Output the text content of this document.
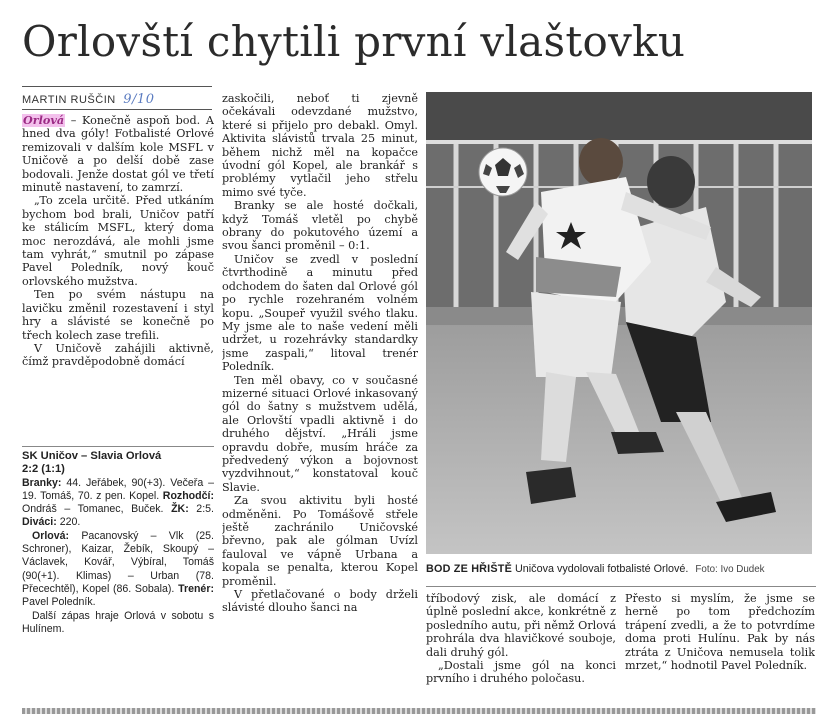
Orlovští chytili první vlaštovku
MARTIN RUŠČIN 9/10

Orlová – Konečně aspoň bod. A hned dva góly! Fotbalisté Orlové remizovali v dalším kole MSFL v Uničově a po delší době zase bodovali. Jenže dostat gól ve třetí minutě nastavení, to zamrzí.

„To zcela určitě. Před utkáním bychom bod brali, Uničov patří ke stálicím MSFL, který doma moc nerozdává, ale mohli jsme tam vyhrát,“ smutnil po zápase Pavel Poledník, nový kouč orlovského mužstva.

Ten po svém nástupu na lavičku změnil rozestavení i styl hry a slávisté se konečně po třech kolech zase trefili.

V Uničově zahájili aktivně, čímž pravděpodobně domácí

SK Uničov – Slavia Orlová
2:2 (1:1)

Branky: 44. Jeřábek, 90(+3). Večeřa – 19. Tomáš, 70. z pen. Kopel. Rozhodčí: Ondráš – Tomanec, Buček. ŽK: 2:5. Diváci: 220.

Orlová: Pacanovský – Vlk (25. Schroner), Kaizar, Žebík, Skoupý – Václavek, Kovář, Výbíral, Tomáš (90(+1). Klimas) – Urban (78. Přecechtěl), Kopel (86. Sobala). Trenér: Pavel Poledník.

Další zápas hraje Orlová v sobotu s Hulínem.

zaskočili, neboť ti zjevně očekávali odevzdané mužstvo, které si přijelo pro debakl. Omyl. Aktivita slávistů trvala 25 minut, během nichž měl na kopačce úvodní gól Kopel, ale brankář s problémy vytlačil jeho střelu mimo své tyče.

Branky se ale hosté dočkali, když Tomáš vletěl po chybě obrany do pokutového území a svou šanci proměnil – 0:1.

Uničov se zvedl v poslední čtvrthodině a minutu před odchodem do šaten dal Orlové gól po rychle rozehraném volném kopu. „Soupeř využil svého tlaku. My jsme ale to naše vedení měli udržet, u rozehrávky standardky jsme zaspali,“ litoval trenér Poledník.

Ten měl obavy, co v současné mizerné situaci Orlové inkasovaný gól do šatny s mužstvem udělá, ale Orlovští vpadli aktivně i do druhého dějství. „Hráli jsme opravdu dobře, musím hráče za předvedený výkon a bojovnost vyzdvihnout,“ konstatoval kouč Slavie.

Za svou aktivitu byli hosté odměněni. Po Tomášově střele ještě zachránilo Uničovské břevno, pak ale gólman Uvízl fauloval ve vápně Urbana a kopala se penalta, kterou Kopel proměnil.

V přetlačované o body drželi slávisté dlouho šanci na

BOD ZE HŘIŠTĚ Uničova vydolovali fotbalisté Orlové. Foto: Ivo Dudek

tříbodový zisk, ale domácí z úplně poslední akce, konkrétně z posledního autu, při němž Orlová prohrála dva hlavičkové souboje, dali druhý gól.

„Dostali jsme gól na konci prvního i druhého poločasu.

Přesto si myslím, že jsme se herně po tom předchozím trápení zvedli, a že to potvrdíme doma proti Hulínu. Pak by nás ztráta z Uničova nemusela tolik mrzet,“ hodnotil Pavel Poledník.
